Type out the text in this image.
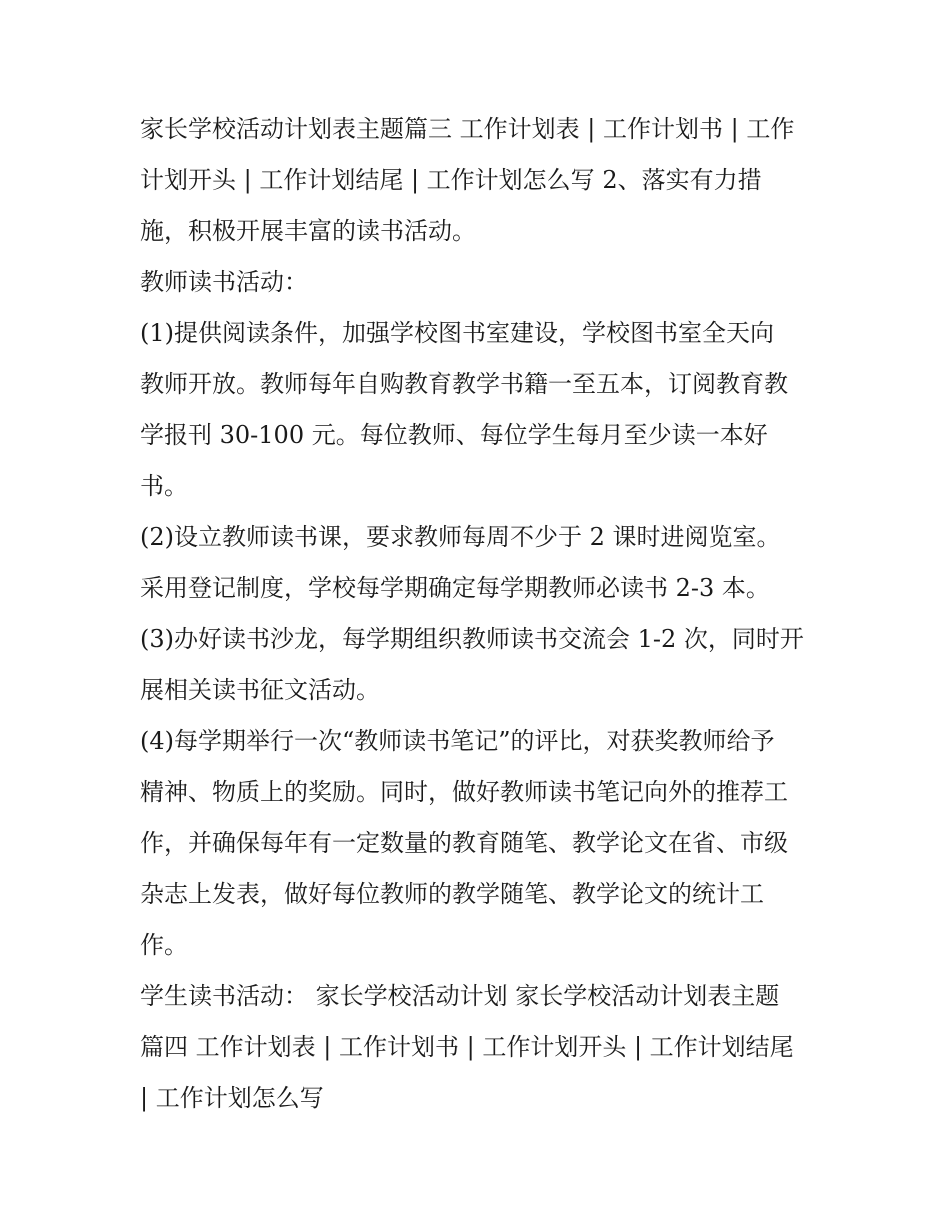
家长学校活动计划表主题篇三 工作计划表 | 工作计划书 | 工作
计划开头 | 工作计划结尾 | 工作计划怎么写 2、落实有力措
施，积极开展丰富的读书活动。
教师读书活动：
(1)提供阅读条件，加强学校图书室建设，学校图书室全天向
教师开放。教师每年自购教育教学书籍一至五本，订阅教育教
学报刊 30-100 元。每位教师、每位学生每月至少读一本好
书。
(2)设立教师读书课，要求教师每周不少于 2 课时进阅览室。
采用登记制度，学校每学期确定每学期教师必读书 2-3 本。
(3)办好读书沙龙，每学期组织教师读书交流会 1-2 次，同时开
展相关读书征文活动。
(4)每学期举行一次“教师读书笔记”的评比，对获奖教师给予
精神、物质上的奖励。同时，做好教师读书笔记向外的推荐工
作，并确保每年有一定数量的教育随笔、教学论文在省、市级
杂志上发表，做好每位教师的教学随笔、教学论文的统计工
作。
学生读书活动： 家长学校活动计划 家长学校活动计划表主题
篇四 工作计划表 | 工作计划书 | 工作计划开头 | 工作计划结尾
| 工作计划怎么写
